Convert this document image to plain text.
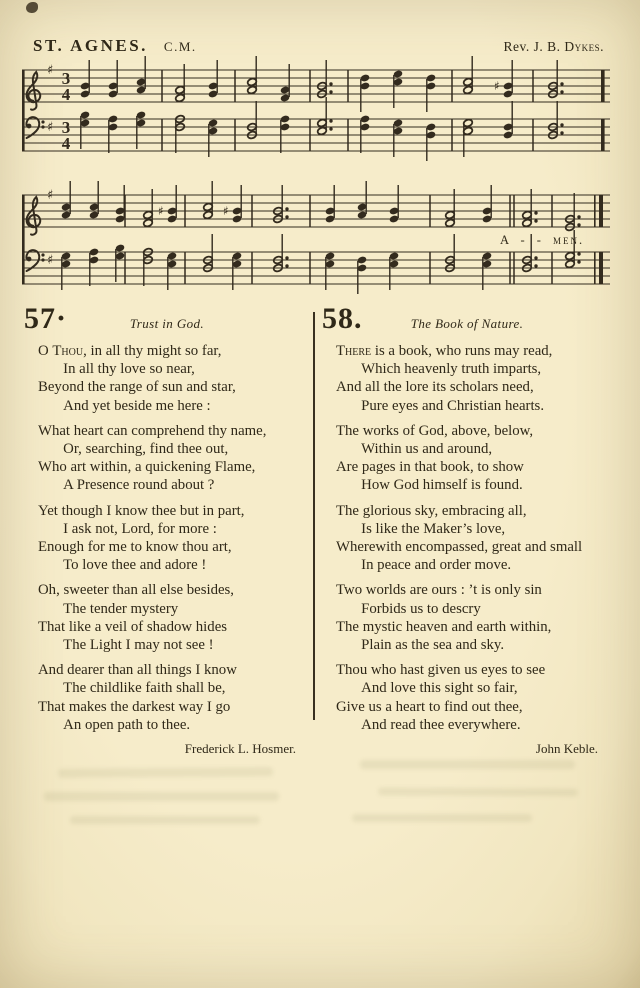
ST. AGNES. C.M.	Rev. J. B. Dykes.
♯ 3
4	♯
♯ 3
4
♯
♯	♯
♯
A - - men.
57·	Trust in God.

O Thou, in all thy might so far,

In all thy love so near,

Beyond the range of sun and star,

And yet beside me here :

What heart can comprehend thy name,

Or, searching, find thee out,

Who art within, a quickening Flame,

A Presence round about ?

Yet though I know thee but in part,

I ask not, Lord, for more :

Enough for me to know thou art,

To love thee and adore !

Oh, sweeter than all else besides,

The tender mystery

That like a veil of shadow hides

The Light I may not see !

And dearer than all things I know

The childlike faith shall be,

That makes the darkest way I go

An open path to thee.

Frederick L. Hosmer.
58.	The Book of Nature.

There is a book, who runs may read,

Which heavenly truth imparts,

And all the lore its scholars need,

Pure eyes and Christian hearts.

The works of God, above, below,

Within us and around,

Are pages in that book, to show

How God himself is found.

The glorious sky, embracing all,

Is like the Maker’s love,

Wherewith encompassed, great and small

In peace and order move.

Two worlds are ours : ’t is only sin

Forbids us to descry

The mystic heaven and earth within,

Plain as the sea and sky.

Thou who hast given us eyes to see

And love this sight so fair,

Give us a heart to find out thee,

And read thee everywhere.

John Keble.
